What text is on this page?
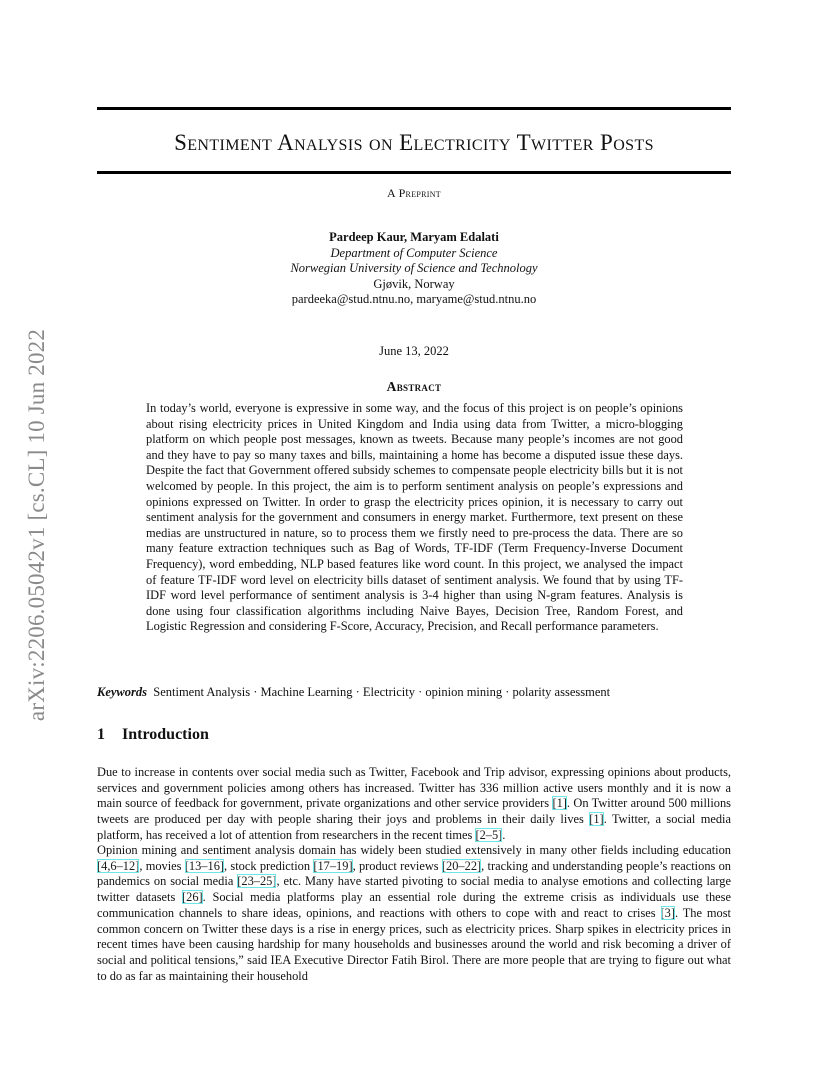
arXiv:2206.05042v1 [cs.CL] 10 Jun 2022
Sentiment Analysis on Electricity Twitter Posts
A Preprint
Pardeep Kaur, Maryam Edalati
Department of Computer Science
Norwegian University of Science and Technology
Gjøvik, Norway
pardeeka@stud.ntnu.no, maryame@stud.ntnu.no
June 13, 2022
Abstract
In today’s world, everyone is expressive in some way, and the focus of this project is on people’s opinions about rising electricity prices in United Kingdom and India using data from Twitter, a micro-blogging platform on which people post messages, known as tweets. Because many people’s incomes are not good and they have to pay so many taxes and bills, maintaining a home has become a disputed issue these days. Despite the fact that Government offered subsidy schemes to compensate people electricity bills but it is not welcomed by people. In this project, the aim is to perform sentiment analysis on people’s expressions and opinions expressed on Twitter. In order to grasp the electricity prices opinion, it is necessary to carry out sentiment analysis for the government and consumers in energy market. Furthermore, text present on these medias are unstructured in nature, so to process them we firstly need to pre-process the data. There are so many feature extraction techniques such as Bag of Words, TF-IDF (Term Frequency-Inverse Document Frequency), word embedding, NLP based features like word count. In this project, we analysed the impact of feature TF-IDF word level on electricity bills dataset of sentiment analysis. We found that by using TF-IDF word level performance of sentiment analysis is 3-4 higher than using N-gram features. Analysis is done using four classification algorithms including Naive Bayes, Decision Tree, Random Forest, and Logistic Regression and considering F-Score, Accuracy, Precision, and Recall performance parameters.
Keywords Sentiment Analysis · Machine Learning · Electricity · opinion mining · polarity assessment
1 Introduction

Due to increase in contents over social media such as Twitter, Facebook and Trip advisor, expressing opinions about products, services and government policies among others has increased. Twitter has 336 million active users monthly and it is now a main source of feedback for government, private organizations and other service providers [1]. On Twitter around 500 millions tweets are produced per day with people sharing their joys and problems in their daily lives [1]. Twitter, a social media platform, has received a lot of attention from researchers in the recent times [2–5].

Opinion mining and sentiment analysis domain has widely been studied extensively in many other fields including education [4,6–12], movies [13–16], stock prediction [17–19], product reviews [20–22], tracking and understanding people’s reactions on pandemics on social media [23–25], etc. Many have started pivoting to social media to analyse emotions and collecting large twitter datasets [26]. Social media platforms play an essential role during the extreme crisis as individuals use these communication channels to share ideas, opinions, and reactions with others to cope with and react to crises [3]. The most common concern on Twitter these days is a rise in energy prices, such as electricity prices. Sharp spikes in electricity prices in recent times have been causing hardship for many households and businesses around the world and risk becoming a driver of social and political tensions,” said IEA Executive Director Fatih Birol. There are more people that are trying to figure out what to do as far as maintaining their household
